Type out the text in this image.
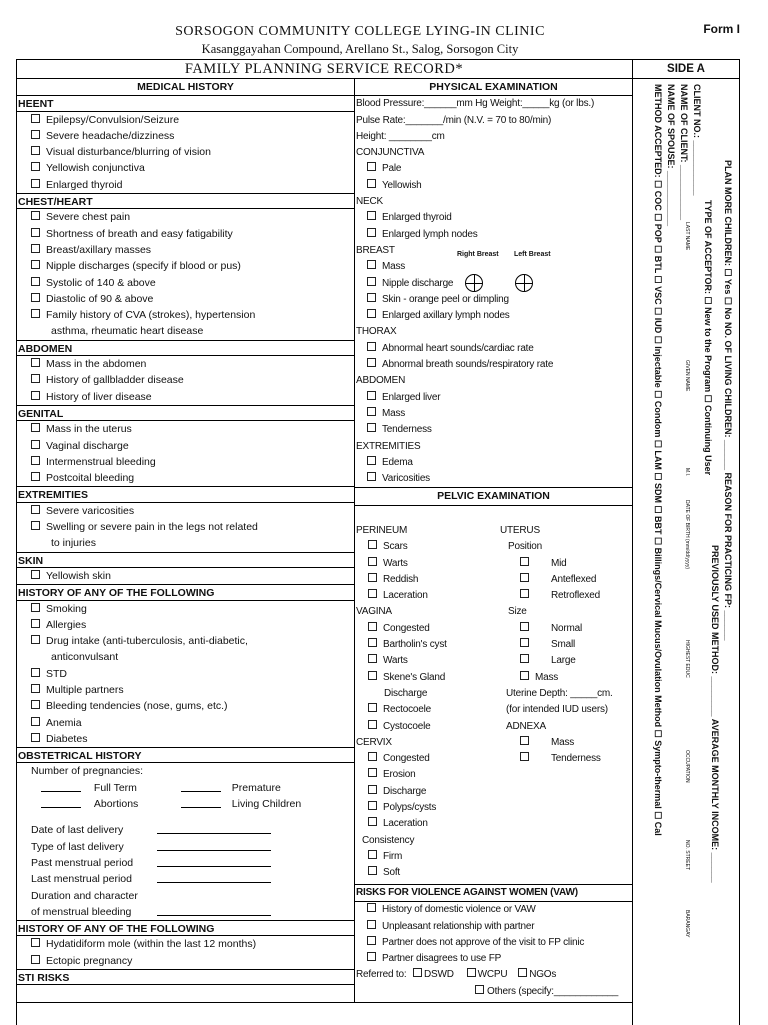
SORSOGON COMMUNITY COLLEGE LYING-IN CLINIC
Kasanggayahan Compound, Arellano St., Salog, Sorsogon City
Form I
FAMILY PLANNING SERVICE RECORD*	SIDE A
MEDICAL HISTORY
HEENT
Epilepsy/Convulsion/Seizure
Severe headache/dizziness
Visual disturbance/blurring of vision
Yellowish conjunctiva
Enlarged thyroid
CHEST/HEART
Severe chest pain
Shortness of breath and easy fatigability
Breast/axillary masses
Nipple discharges (specify if blood or pus)
Systolic of 140 & above
Diastolic of 90 & above
Family history of CVA (strokes), hypertension
asthma, rheumatic heart disease
ABDOMEN
Mass in the abdomen
History of gallbladder disease
History of liver disease
GENITAL
Mass in the uterus
Vaginal discharge
Intermenstrual bleeding
Postcoital bleeding
EXTREMITIES
Severe varicosities
Swelling or severe pain in the legs not related
to injuries
SKIN
Yellowish skin
HISTORY OF ANY OF THE FOLLOWING
Smoking
Allergies
Drug intake (anti-tuberculosis, anti-diabetic,
anticonvulsant
STD
Multiple partners
Bleeding tendencies (nose, gums, etc.)
Anemia
Diabetes
OBSTETRICAL HISTORY
Number of pregnancies:
Full Term	Premature
Abortions	Living Children
Date of last delivery
Type of last delivery
Past menstrual period
Last menstrual period
Duration and character
of menstrual bleeding
HISTORY OF ANY OF THE FOLLOWING
Hydatidiform mole (within the last 12 months)
Ectopic pregnancy
STI RISKS
PHYSICAL EXAMINATION
Blood Pressure:______mm Hg Weight:_____kg (or lbs.)
Pulse Rate:_______/min (N.V. = 70 to 80/min)
Height: ________cm
CONJUNCTIVA
Pale
Yellowish
NECK
Enlarged thyroid
Enlarged lymph nodes
BREAST
Mass
Nipple discharge
Skin - orange peel or dimpling
Enlarged axillary lymph nodes
THORAX
Abnormal heart sounds/cardiac rate
Abnormal breath sounds/respiratory rate
ABDOMEN
Enlarged liver
Mass
Tenderness
EXTREMITIES
Edema
Varicosities
PELVIC EXAMINATION
Right Breast Left Breast
PERINEUM
Scars
Warts
Reddish
Laceration
VAGINA
Congested
Bartholin's cyst
Warts
Skene's Gland
Discharge
Rectocoele
Cystocoele
CERVIX
Congested
Erosion
Discharge
Polyps/cysts
Laceration
Consistency
Firm
Soft
UTERUS
Position
Mid
Anteflexed
Retroflexed
Size
Normal
Small
Large
Mass
Uterine Depth: _____cm.
(for intended IUD users)
ADNEXA
Mass
Tenderness
RISKS FOR VIOLENCE AGAINST WOMEN (VAW)
History of domestic violence or VAW
Unpleasant relationship with partner
Partner does not approve of the visit to FP clinic
Partner disagrees to use FP
Referred to: DSWD WCPU NGOs
Others (specify:____________
METHOD ACCEPTED: ☐ COC ☐ POP ☐ BTL ☐ VSC ☐ IUD ☐ Injectable ☐ Condom ☐ LAM ☐ SDM ☐ BBT ☐ Billings/Cervical Mucus/Ovulation Method ☐ Sympto-thermal ☐ Cal NAME OF SPOUSE: ___________ NAME OF CLIENT: ___________ CLIENT NO.: ___________
TYPE OF ACCEPTOR: ☐ New to the Program ☐ Continuing User PLAN MORE CHILDREN: ☐ Yes ☐ No NO. OF LIVING CHILDREN: ______ REASON FOR PRACTICING FP: ______
PREVIOUSLY USED METHOD: ________ AVERAGE MONTHLY INCOME: ______
LAST NAME
GIVEN NAME
M.I.
DATE OF BIRTH (mm/dd/yyyy)
HIGHEST EDUC
OCCUPATION
NO. STREET
BARANGAY
